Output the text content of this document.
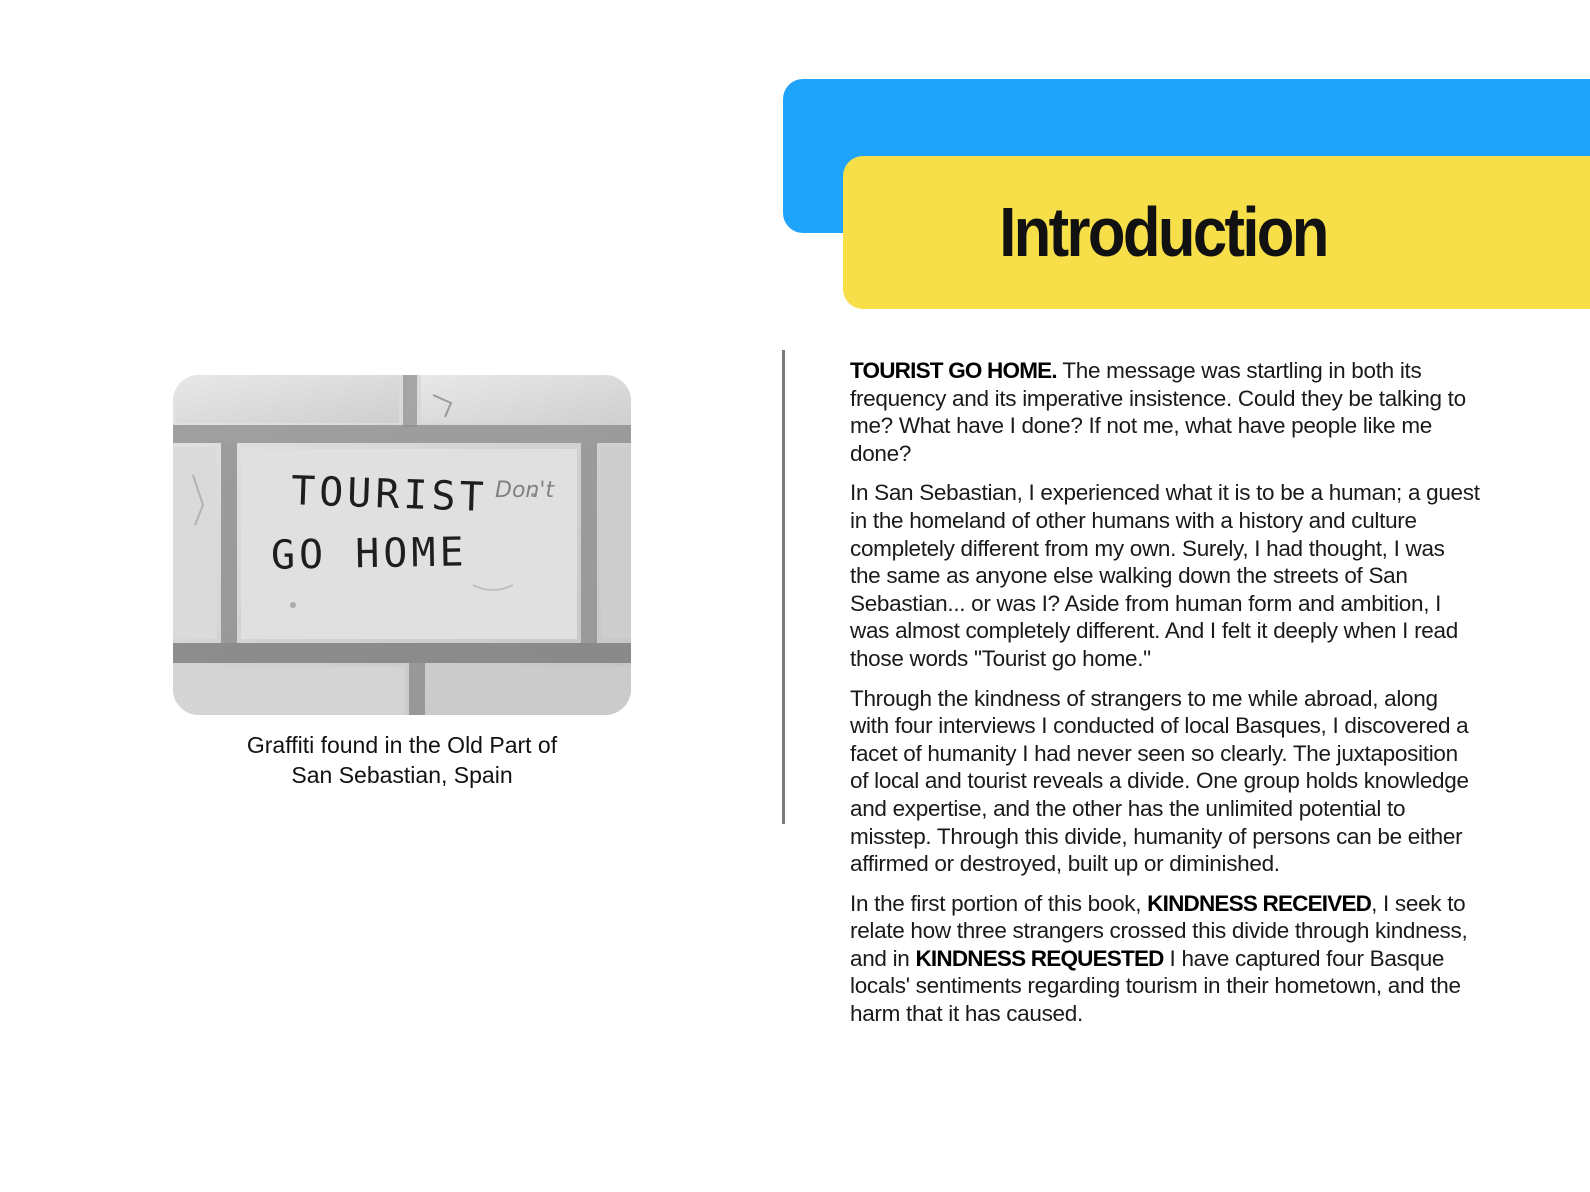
Introduction
TOURIST
GO HOME
Don't
Graffiti found in the Old Part of
San Sebastian, Spain

TOURIST GO HOME. The message was startling in both its frequency and its imperative insistence. Could they be talking to me? What have I done? If not me, what have people like me done?

In San Sebastian, I experienced what it is to be a human; a guest in the homeland of other humans with a history and culture completely different from my own. Surely, I had thought, I was the same as anyone else walking down the streets of San Sebastian... or was I? Aside from human form and ambition, I was almost completely different. And I felt it deeply when I read those words "Tourist go home."

Through the kindness of strangers to me while abroad, along with four interviews I conducted of local Basques, I discovered a facet of humanity I had never seen so clearly. The juxtaposition of local and tourist reveals a divide. One group holds knowledge and expertise, and the other has the unlimited potential to misstep. Through this divide, humanity of persons can be either affirmed or destroyed, built up or diminished.

In the first portion of this book, KINDNESS RECEIVED, I seek to relate how three strangers crossed this divide through kindness, and in KINDNESS REQUESTED I have captured four Basque locals' sentiments regarding tourism in their hometown, and the harm that it has caused.
